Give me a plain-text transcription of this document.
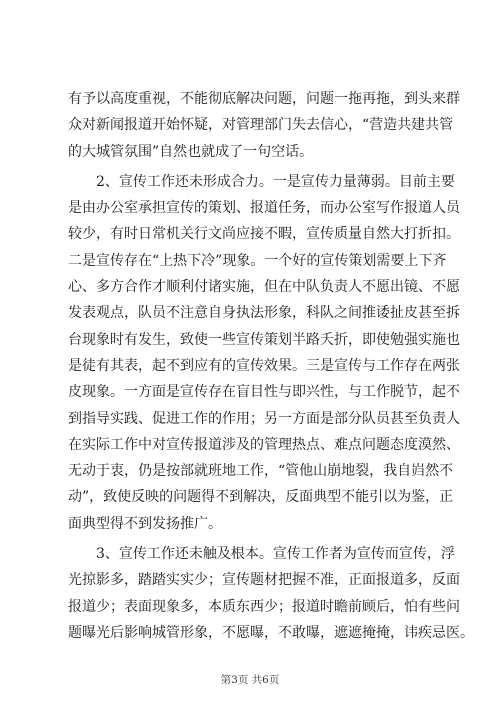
有予以高度重视，不能彻底解决问题，问题一拖再拖，到头来群
众对新闻报道开始怀疑，对管理部门失去信心，“营造共建共管
的大城管氛围”自然也就成了一句空话。

2、宣传工作还未形成合力。一是宣传力量薄弱。目前主要
是由办公室承担宣传的策划、报道任务，而办公室写作报道人员
较少，有时日常机关行文尚应接不暇，宣传质量自然大打折扣。
二是宣传存在“上热下冷”现象。一个好的宣传策划需要上下齐
心、多方合作才顺利付诸实施，但在中队负责人不愿出镜、不愿
发表观点，队员不注意自身执法形象，科队之间推诿扯皮甚至拆
台现象时有发生，致使一些宣传策划半路夭折，即使勉强实施也
是徒有其表，起不到应有的宣传效果。三是宣传与工作存在两张
皮现象。一方面是宣传存在盲目性与即兴性，与工作脱节，起不
到指导实践、促进工作的作用；另一方面是部分队员甚至负责人
在实际工作中对宣传报道涉及的管理热点、难点问题态度漠然、
无动于衷，仍是按部就班地工作，“管他山崩地裂，我自岿然不
动”，致使反映的问题得不到解决，反面典型不能引以为鉴，正
面典型得不到发扬推广。

3、宣传工作还未触及根本。宣传工作者为宣传而宣传，浮
光掠影多，踏踏实实少；宣传题材把握不准，正面报道多，反面
报道少；表面现象多，本质东西少；报道时瞻前顾后，怕有些问
题曝光后影响城管形象，不愿曝，不敢曝，遮遮掩掩，讳疾忌医。

第3页 共6页
